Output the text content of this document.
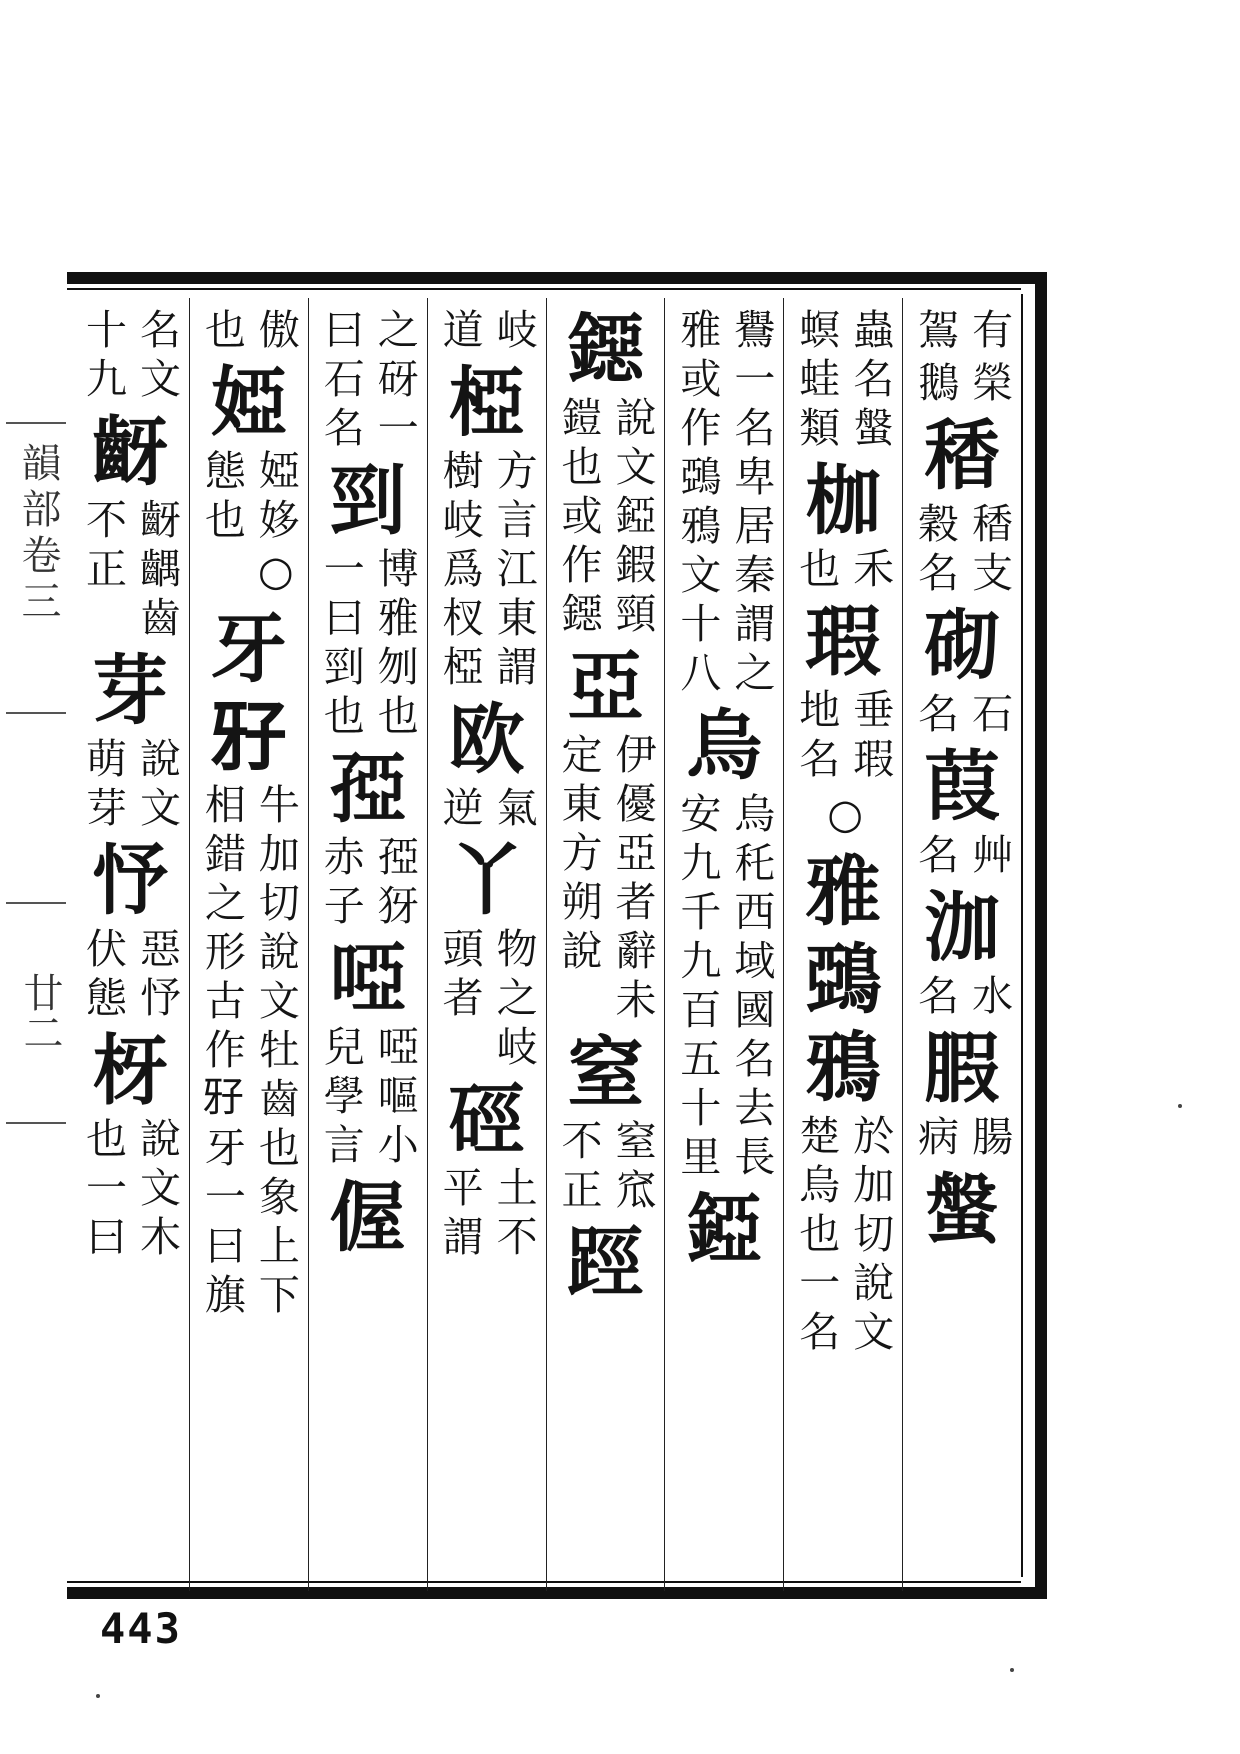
韻部卷三
廿二
有
鴐
榮
鵝
䅨
䅨支
穀名
砌
石
名
葭
艸
名
泇
水
名
腵
腸
病
螌
蟲名螌
螟蛙類
枷
禾
也
瑕
垂瑕
地名
○
雅
鵶
鴉
於加切說文
楚烏也一名
鸒一名卑居秦謂之
雅或作鵶鴉文十八
烏
烏秅西域國名去長
安九千九百五十里
錏
鐚
說文錏鍜頸
鎧也或作鐚
亞
伊優亞者辭未
定東方朔說
窒
窒窊
不正
踁
岐
道
椏
方言江東謂
樹岐爲杈椏
欧
氣
逆
丫
物之岐
頭者
硜
土不
平謂
之砑一
曰石名
剄
博雅刎也
一曰剄也
孲
孲犽
赤子
啞
啞嘔小
兒學言
偓
傲
也
婭
婭姼○
態也
牙
𤘅
牛加切說文牡齒也象上下
相錯之形古作𤘅牙一曰旗
名文
十九
齖
齖齵齒
不正
芽
說文
萌芽
忬
惡忬
伏態
枒
說文木
也一曰
443
